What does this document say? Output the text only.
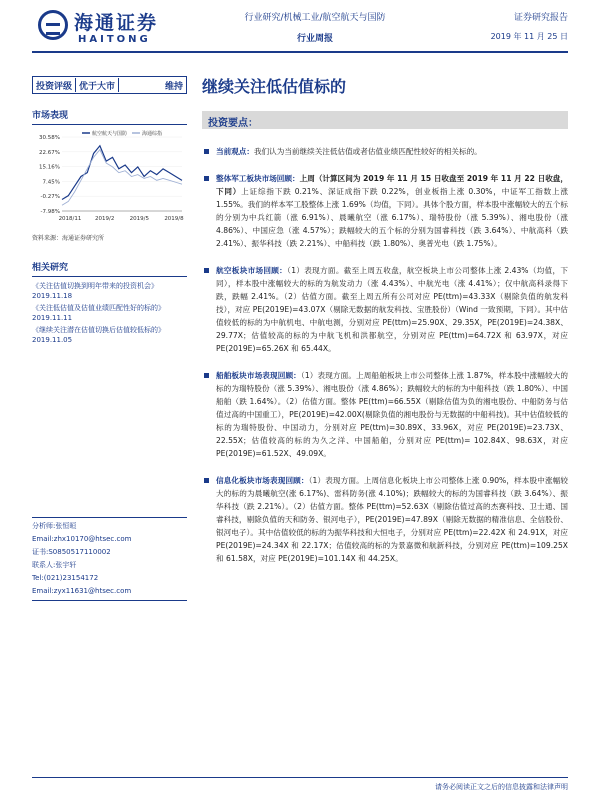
海通证券
HAITONG
行业研究/机械工业/航空航天与国防
行业周报
证券研究报告
2019 年 11 月 25 日
投资评级 优于大市	维持 继续关注低估值标的
市场表现
30.58%
22.67%
15.16%
7.45%
-0.27%
-7.98%
2018/11 2019/2	2019/5	2019/8
航空航天与国防	海通综指
资料来源：海通证券研究所
相关研究
《关注估值切换到明年带来的投资机会》
2019.11.18
《关注低估值及估值业绩匹配性好的标的》
2019.11.11
《继续关注潜在估值切换后估值较低标的》
2019.11.05
分析师:张恒晅
Email:zhx10170@htsec.com
证书:S0850517110002
联系人:张宇轩
Tel:(021)23154172
Email:zyx11631@htsec.com
投资要点：
当前观点：我们认为当前继续关注低估值或者估值业绩匹配性较好的相关标的。
整体军工板块市场回顾：上周（计算区间为 2019 年 11 月 15 日收盘至 2019 年 11 月 22 日收盘，下同）上证综指下跌 0.21%、深证成指下跌 0.22%，创业板指上涨 0.30%，中证军工指数上涨 1.55%。我们的样本军工股整体上涨 1.69%（均值，下同）。具体个股方面，样本股中涨幅较大的五个标的分别为中兵红箭（涨 6.91%）、晨曦航空（涨 6.17%）、瑞特股份（涨 5.39%）、湘电股份（涨 4.86%）、中国应急（涨 4.57%）；跌幅较大的五个标的分别为国睿科技（跌 3.64%）、中航高科（跌 2.41%）、振华科技（跌 2.21%）、中船科技（跌 1.80%）、奥普光电（跌 1.75%）。
航空板块市场回顾：（1）表现方面。截至上周五收盘，航空板块上市公司整体上涨 2.43%（均值，下同），样本股中涨幅较大的标的为航发动力（涨 4.43%）、中航光电（涨 4.41%）；仅中航高科录得下跌，跌幅 2.41%。（2）估值方面。截至上周五所有公司对应 PE(ttm)=43.33X（剔除负值的航发科技），对应 PE(2019E)=43.07X（剔除无数据的航发科技、宝胜股份）（Wind 一致预期，下同）。其中估值较低的标的为中航机电、中航电测，分别对应 PE(ttm)=25.90X、29.35X，PE(2019E)=24.38X、29.77X；估值较高的标的为中航飞机和洪都航空，分别对应 PE(ttm)=64.72X 和 63.97X，对应 PE(2019E)=65.26X 和 65.44X。
船舶板块市场表现回顾：（1）表现方面。上周船舶板块上市公司整体上涨 1.87%，样本股中涨幅较大的标的为瑞特股份（涨 5.39%）、湘电股份（涨 4.86%）；跌幅较大的标的为中船科技（跌 1.80%）、中国船舶（跌 1.64%）。（2）估值方面。整体 PE(ttm)=66.55X（剔除估值为负的湘电股份、中船防务与估值过高的中国重工），PE(2019E)=42.00X(剔除负值的湘电股份与无数据的中船科技)。其中估值较低的标的为瑞特股份、中国动力，分别对应 PE(ttm)=30.89X、33.96X，对应 PE(2019E)=23.73X、22.55X；估值较高的标的为久之洋、中国船舶，分别对应 PE(ttm)= 102.84X、98.63X，对应 PE(2019E)=61.52X、49.09X。
信息化板块市场表现回顾：（1）表现方面。上周信息化板块上市公司整体上涨 0.90%，样本股中涨幅较大的标的为晨曦航空(涨 6.17%)、雷科防务(涨 4.10%)；跌幅较大的标的为国睿科技（跌 3.64%）、振华科技（跌 2.21%）。（2）估值方面。整体 PE(ttm)=52.63X（剔除估值过高的杰赛科技、卫士通、国睿科技，剔除负值的天和防务、银河电子），PE(2019E)=47.89X（剔除无数据的精准信息、全信股份、银河电子）。其中估值较低的标的为振华科技和大恒电子，分别对应 PE(ttm)=22.42X 和 24.91X，对应 PE(2019E)=24.34X 和 22.17X；估值较高的标的为景嘉微和航新科技，分别对应 PE(ttm)=109.25X 和 61.58X，对应 PE(2019E)=101.14X 和 44.25X。
请务必阅读正文之后的信息披露和法律声明
